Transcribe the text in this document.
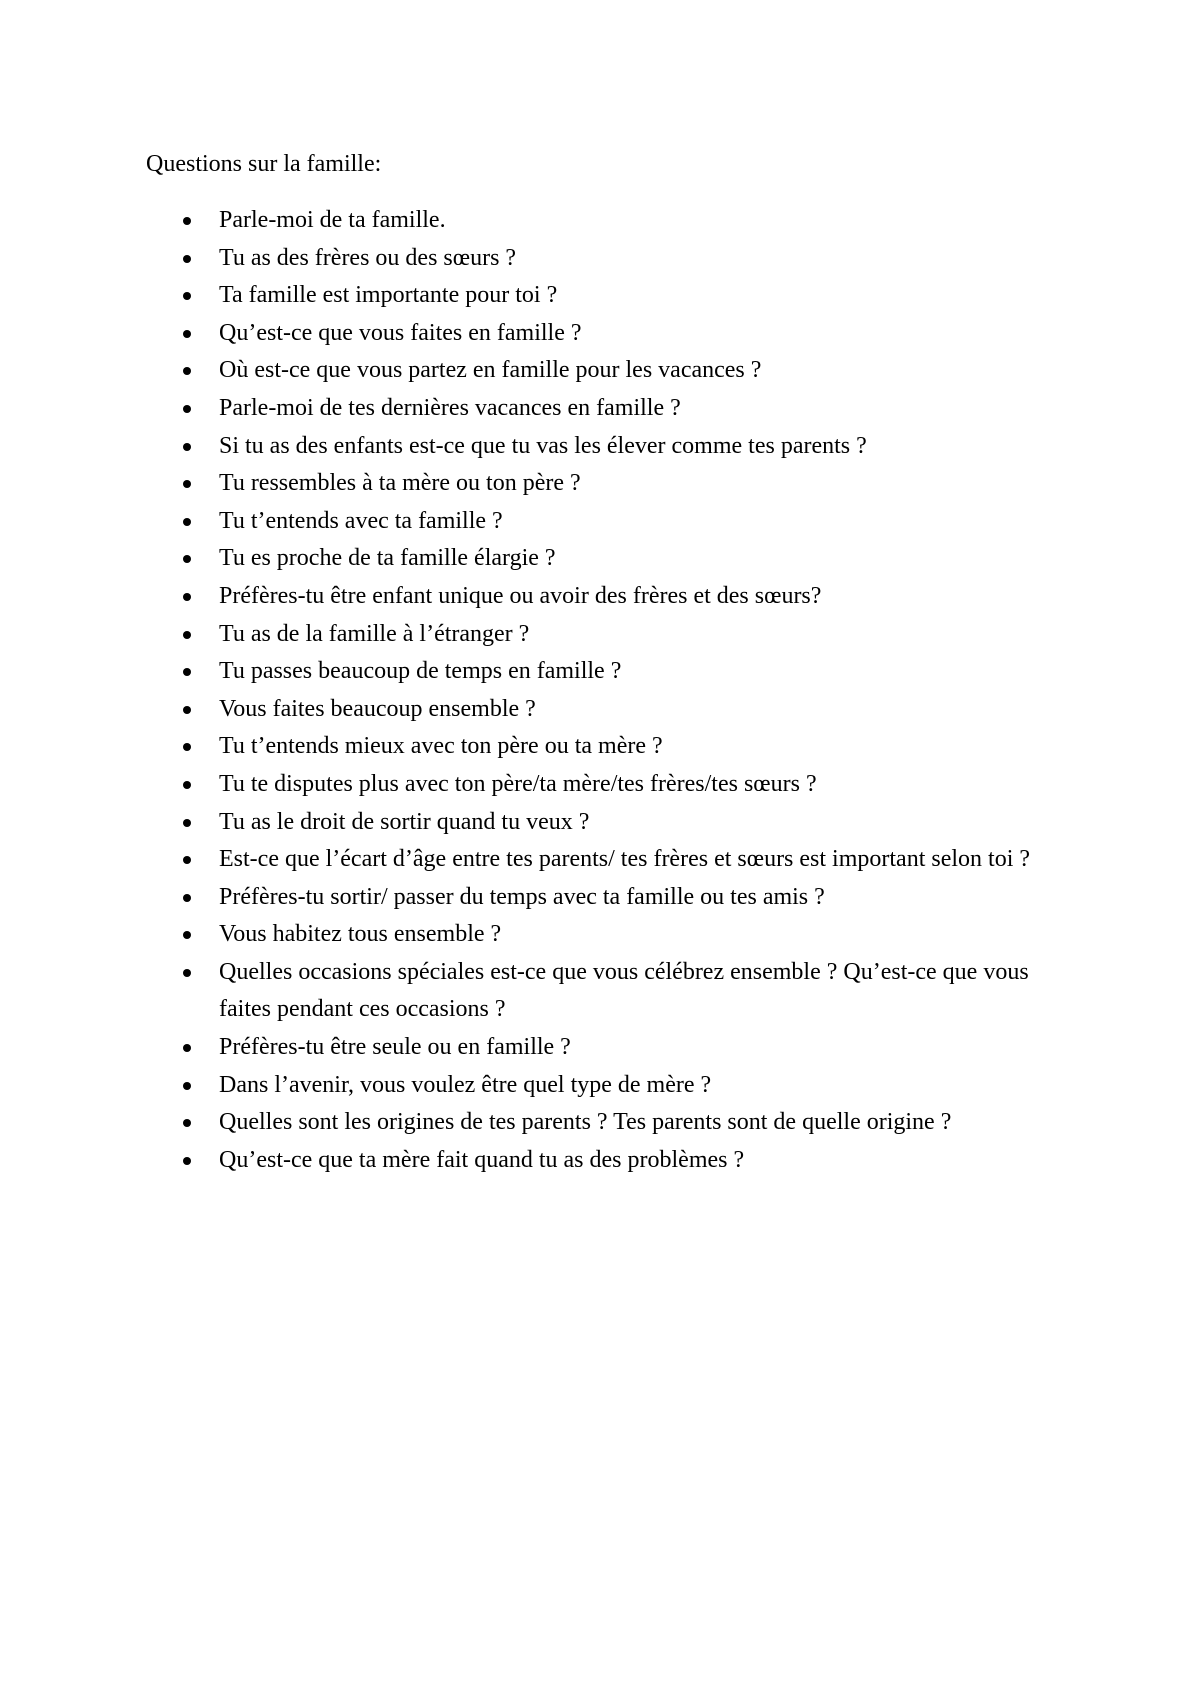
Questions sur la famille:

Parle-moi de ta famille.
Tu as des frères ou des sœurs ?
Ta famille est importante pour toi ?
Qu’est-ce que vous faites en famille ?
Où est-ce que vous partez en famille pour les vacances ?
Parle-moi de tes dernières vacances en famille ?
Si tu as des enfants est-ce que tu vas les élever comme tes parents ?
Tu ressembles à ta mère ou ton père ?
Tu t’entends avec ta famille ?
Tu es proche de ta famille élargie ?
Préfères-tu être enfant unique ou avoir des frères et des sœurs?
Tu as de la famille à l’étranger ?
Tu passes beaucoup de temps en famille ?
Vous faites beaucoup ensemble ?
Tu t’entends mieux avec ton père ou ta mère ?
Tu te disputes plus avec ton père/ta mère/tes frères/tes sœurs ?
Tu as le droit de sortir quand tu veux ?
Est-ce que l’écart d’âge entre tes parents/ tes frères et sœurs est important selon toi ?
Préfères-tu sortir/ passer du temps avec ta famille ou tes amis ?
Vous habitez tous ensemble ?
Quelles occasions spéciales est-ce que vous célébrez ensemble ? Qu’est-ce que vous faites pendant ces occasions ?
Préfères-tu être seule ou en famille ?
Dans l’avenir, vous voulez être quel type de mère ?
Quelles sont les origines de tes parents ? Tes parents sont de quelle origine ?
Qu’est-ce que ta mère fait quand tu as des problèmes ?
